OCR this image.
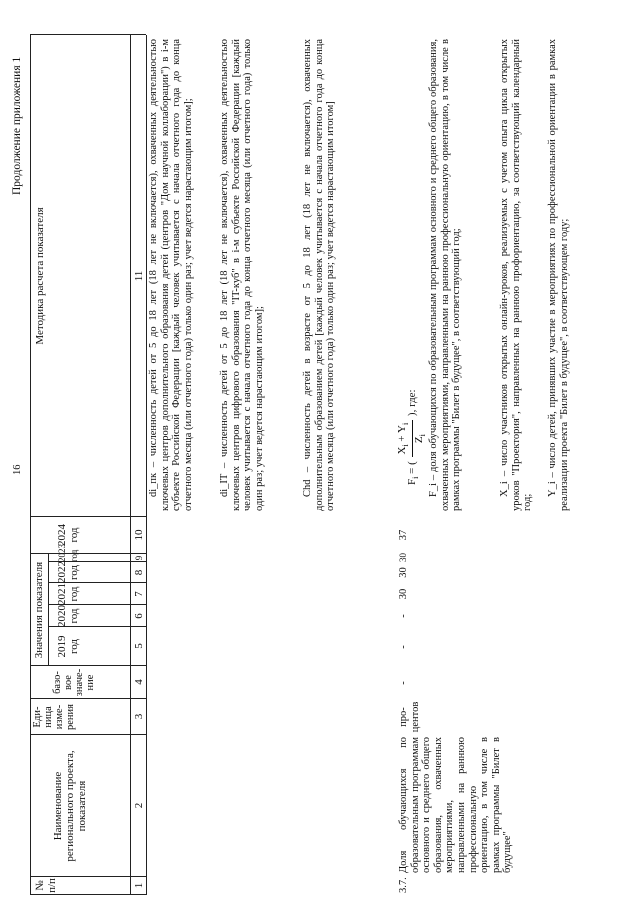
16
Продолжение приложения 1
№ п/п
Наименование регионального проекта, показателя
Еди- ница изме- рения
базо- вое значе- ние
Значения показателя 2019 год
2020 год
2021 год
2022 год
2023 год
2024 год
Методика расчета показателя
1
2
3
4
5
6
7
8
9
10
11 di_пк – численность детей от 5 до 18 лет (18 лет не включается), охваченных деятельностью ключевых центров дополнительного образования детей (центров "Дом научной коллаборации") в i-м субъекте Российской Федерации [каждый человек учитывается с начала отчетного года до конца отчетного месяца (или отчетного года) только один раз; учет ведется нарастающим итогом]; di_IT – численность детей от 5 до 18 лет (18 лет не включается), охваченных деятельностью ключевых центров цифрового образования "IT-куб" в i-м субъекте Российской Федерации [каждый человек учитывается с начала отчетного года до конца отчетного месяца (или отчетного года) только один раз; учет ведется нарастающим итогом];	Chd – численность детей в возрасте от 5 до 18 лет (18 лет не включается), охваченных дополнительным образованием детей [каждый человек учитывается с начала отчетного года до конца отчетного месяца (или отчетного года) только один раз; учет ведется нарастающим итогом]
3.7.
Доля обучающихся по образовательным программам основного и среднего общего образования, охваченных мероприятиями, направленными на раннюю профессиональную ориентацию, в том числе в рамках программы "Билет в будущее"
про- центов
-
-
-
30
30
30
37
$F_i$ = (
$X_i + Y_i$
$Z_i$
), где: F_i – доля обучающихся по образовательным программам основного и среднего общего образования, охваченных мероприятиями, направленными на раннюю профессиональную ориентацию, в том числе в рамках программы "Билет в будущее", в соответствующий год;	X_i – число участников открытых онлайн-уроков, реализуемых с учетом опыта цикла открытых уроков "Проектория", направленных на раннюю профориентацию, за соответствующий календарный год;
Y_i – число детей, принявших участие в мероприятиях по профессиональной ориентации в рамках реализации проекта "Билет в будущее", в соответствующем году;
